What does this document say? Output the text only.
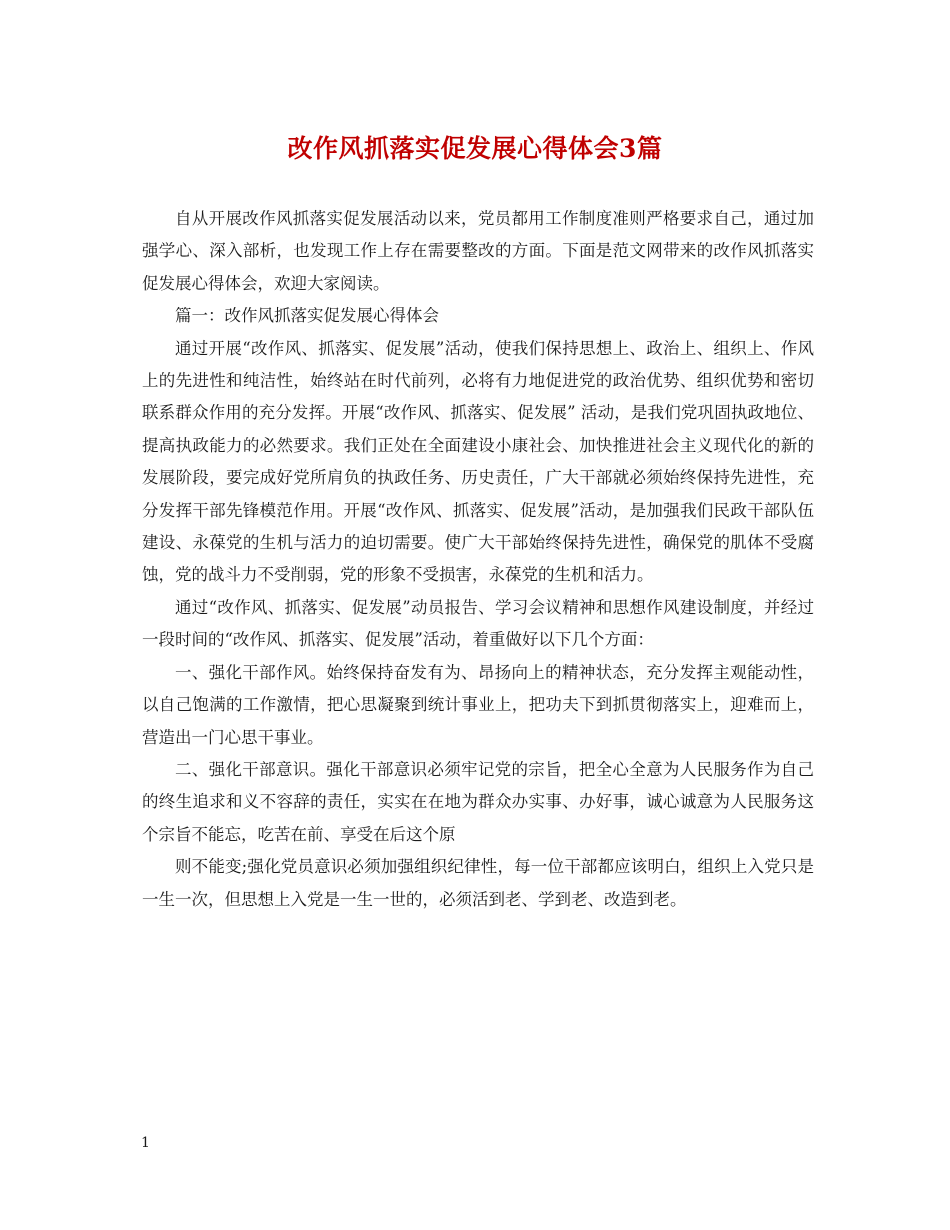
改作风抓落实促发展心得体会3篇

自从开展改作风抓落实促发展活动以来，党员都用工作制度准则严格要求自己，通过加强学心、深入部析，也发现工作上存在需要整改的方面。下面是范文网带来的改作风抓落实促发展心得体会，欢迎大家阅读。

篇一：改作风抓落实促发展心得体会

通过开展“改作风、抓落实、促发展”活动，使我们保持思想上、政治上、组织上、作风上的先进性和纯洁性，始终站在时代前列，必将有力地促进党的政治优势、组织优势和密切联系群众作用的充分发挥。开展“改作风、抓落实、促发展” 活动，是我们党巩固执政地位、提高执政能力的必然要求。我们正处在全面建设小康社会、加快推进社会主义现代化的新的发展阶段，要完成好党所肩负的执政任务、历史责任，广大干部就必须始终保持先进性，充分发挥干部先锋模范作用。开展“改作风、抓落实、促发展”活动，是加强我们民政干部队伍建设、永葆党的生机与活力的迫切需要。使广大干部始终保持先进性，确保党的肌体不受腐蚀，党的战斗力不受削弱，党的形象不受损害，永葆党的生机和活力。

通过“改作风、抓落实、促发展”动员报告、学习会议精神和思想作风建设制度，并经过一段时间的“改作风、抓落实、促发展”活动，着重做好以下几个方面：

一、强化干部作风。始终保持奋发有为、昂扬向上的精神状态，充分发挥主观能动性，以自己饱满的工作激情，把心思凝聚到统计事业上，把功夫下到抓贯彻落实上，迎难而上，营造出一门心思干事业。

二、强化干部意识。强化干部意识必须牢记党的宗旨，把全心全意为人民服务作为自己的终生追求和义不容辞的责任，实实在在地为群众办实事、办好事，诚心诚意为人民服务这个宗旨不能忘，吃苦在前、享受在后这个原

则不能变;强化党员意识必须加强组织纪律性，每一位干部都应该明白，组织上入党只是一生一次，但思想上入党是一生一世的，必须活到老、学到老、改造到老。

1
